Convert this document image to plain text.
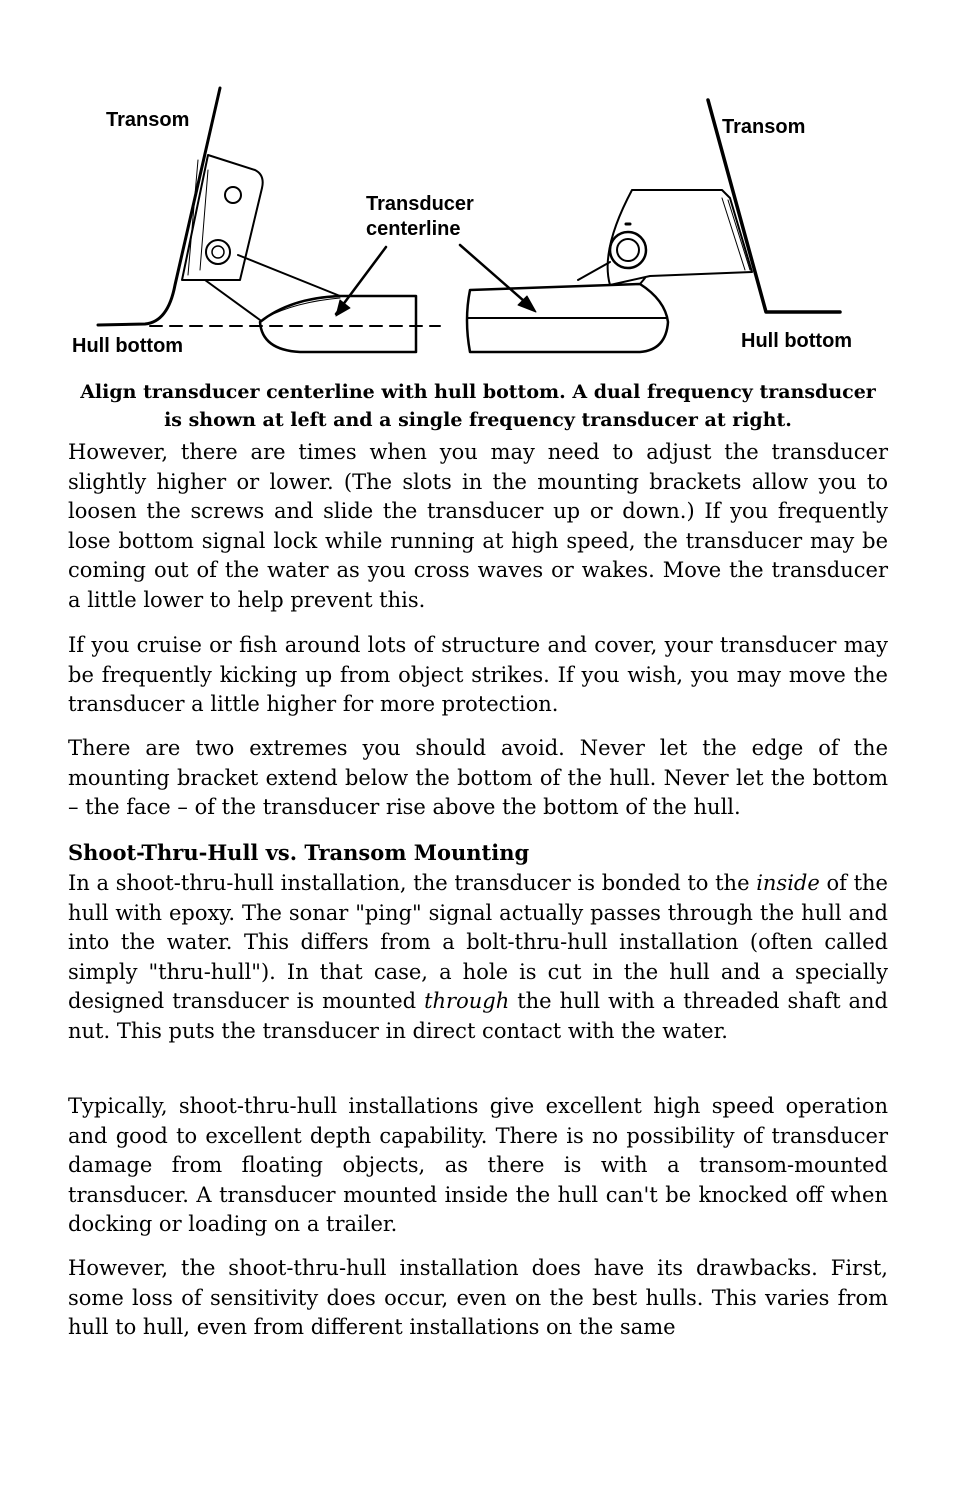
Transom	Transom
Transducer
centerline
Hull bottom	Hull bottom
Align transducer centerline with hull bottom. A dual frequency transducer is shown at left and a single frequency transducer at right.

However, there are times when you may need to adjust the transducer slightly higher or lower. (The slots in the mounting brackets allow you to loosen the screws and slide the transducer up or down.) If you frequently lose bottom signal lock while running at high speed, the transducer may be coming out of the water as you cross waves or wakes. Move the transducer a little lower to help prevent this.

If you cruise or fish around lots of structure and cover, your transducer may be frequently kicking up from object strikes. If you wish, you may move the transducer a little higher for more protection.

There are two extremes you should avoid. Never let the edge of the mounting bracket extend below the bottom of the hull. Never let the bottom – the face – of the transducer rise above the bottom of the hull.

Shoot-Thru-Hull vs. Transom Mounting

In a shoot-thru-hull installation, the transducer is bonded to the inside of the hull with epoxy. The sonar "ping" signal actually passes through the hull and into the water. This differs from a bolt-thru-hull installation (often called simply "thru-hull"). In that case, a hole is cut in the hull and a specially designed transducer is mounted through the hull with a threaded shaft and nut. This puts the transducer in direct contact with the water.

Typically, shoot-thru-hull installations give excellent high speed operation and good to excellent depth capability. There is no possibility of transducer damage from floating objects, as there is with a transom-mounted transducer. A transducer mounted inside the hull can't be knocked off when docking or loading on a trailer.

However, the shoot-thru-hull installation does have its drawbacks. First, some loss of sensitivity does occur, even on the best hulls. This varies from hull to hull, even from different installations on the same
